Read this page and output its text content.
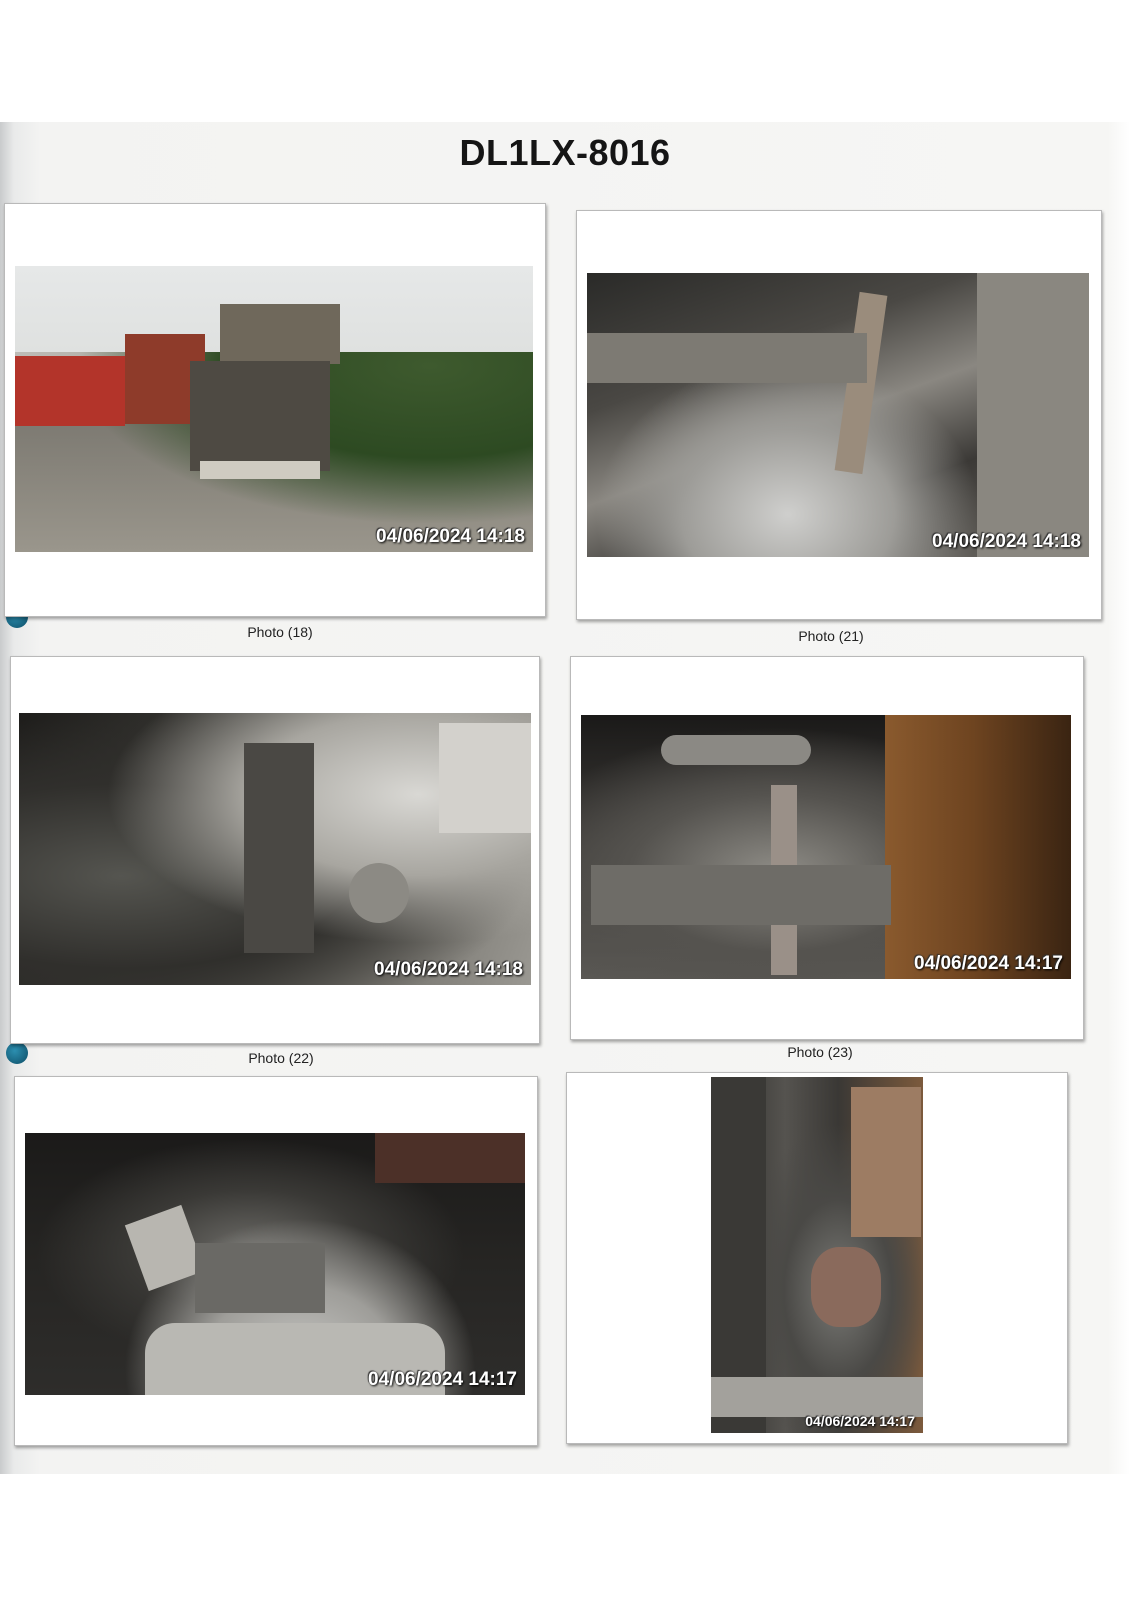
DL1LX-8016
04/06/2024 14:18
Photo (18)
04/06/2024 14:18
Photo (21)
04/06/2024 14:18
Photo (22)
04/06/2024 14:17
Photo (23)
04/06/2024 14:17
04/06/2024 14:17
